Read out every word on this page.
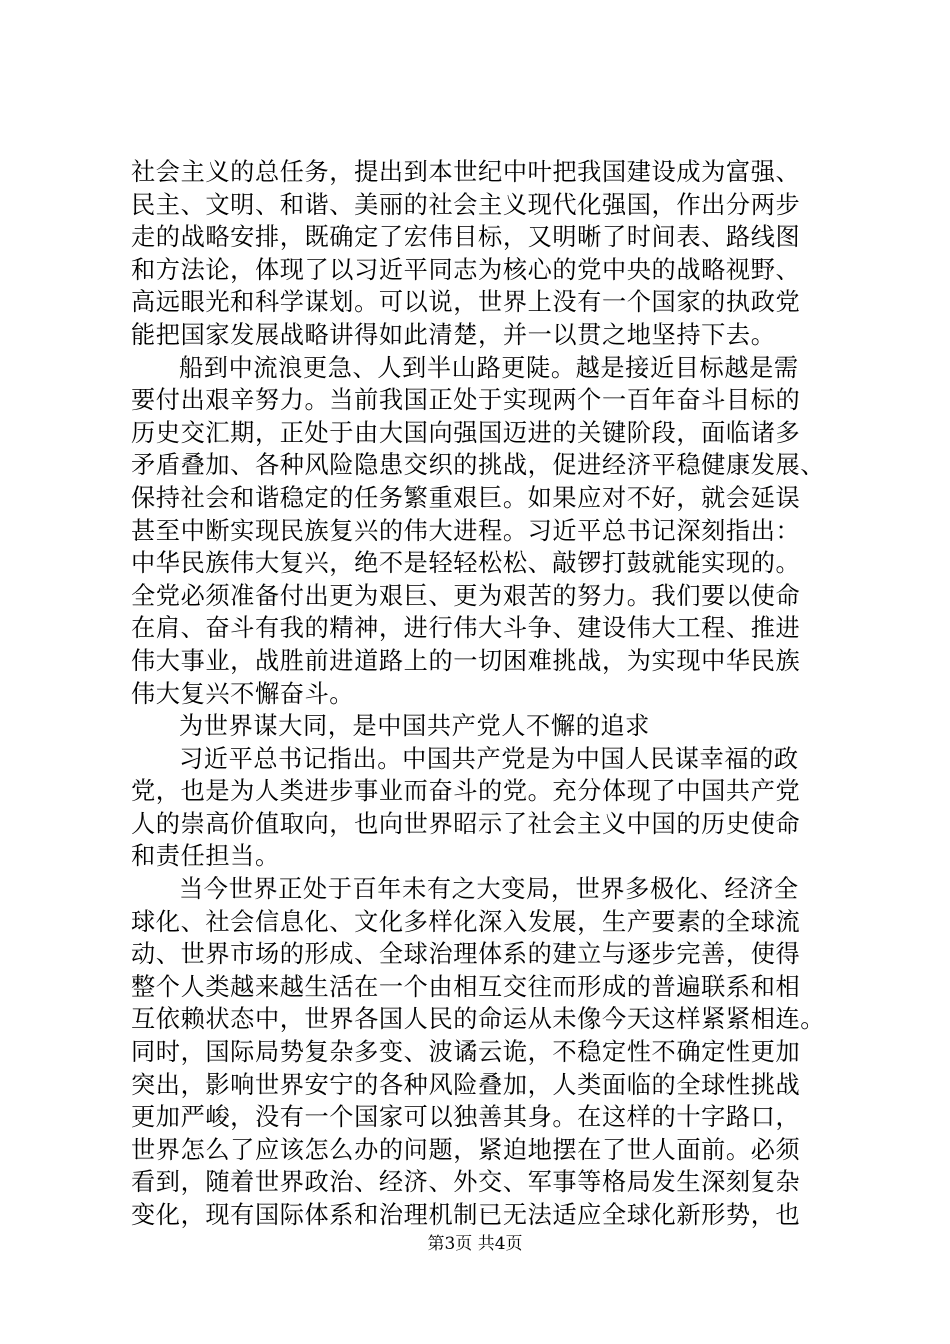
社会主义的总任务，提出到本世纪中叶把我国建设成为富强、
民主、文明、和谐、美丽的社会主义现代化强国，作出分两步
走的战略安排，既确定了宏伟目标，又明晰了时间表、路线图
和方法论，体现了以习近平同志为核心的党中央的战略视野、
高远眼光和科学谋划。可以说，世界上没有一个国家的执政党
能把国家发展战略讲得如此清楚，并一以贯之地坚持下去。
船到中流浪更急、人到半山路更陡。越是接近目标越是需
要付出艰辛努力。当前我国正处于实现两个一百年奋斗目标的
历史交汇期，正处于由大国向强国迈进的关键阶段，面临诸多
矛盾叠加、各种风险隐患交织的挑战，促进经济平稳健康发展、
保持社会和谐稳定的任务繁重艰巨。如果应对不好，就会延误
甚至中断实现民族复兴的伟大进程。习近平总书记深刻指出：
中华民族伟大复兴，绝不是轻轻松松、敲锣打鼓就能实现的。
全党必须准备付出更为艰巨、更为艰苦的努力。我们要以使命
在肩、奋斗有我的精神，进行伟大斗争、建设伟大工程、推进
伟大事业，战胜前进道路上的一切困难挑战，为实现中华民族
伟大复兴不懈奋斗。
为世界谋大同，是中国共产党人不懈的追求
习近平总书记指出。中国共产党是为中国人民谋幸福的政
党，也是为人类进步事业而奋斗的党。充分体现了中国共产党
人的崇高价值取向，也向世界昭示了社会主义中国的历史使命
和责任担当。
当今世界正处于百年未有之大变局，世界多极化、经济全
球化、社会信息化、文化多样化深入发展，生产要素的全球流
动、世界市场的形成、全球治理体系的建立与逐步完善，使得
整个人类越来越生活在一个由相互交往而形成的普遍联系和相
互依赖状态中，世界各国人民的命运从未像今天这样紧紧相连。
同时，国际局势复杂多变、波谲云诡，不稳定性不确定性更加
突出，影响世界安宁的各种风险叠加，人类面临的全球性挑战
更加严峻，没有一个国家可以独善其身。在这样的十字路口，
世界怎么了应该怎么办的问题，紧迫地摆在了世人面前。必须
看到，随着世界政治、经济、外交、军事等格局发生深刻复杂
变化，现有国际体系和治理机制已无法适应全球化新形势，也
第3页 共4页
